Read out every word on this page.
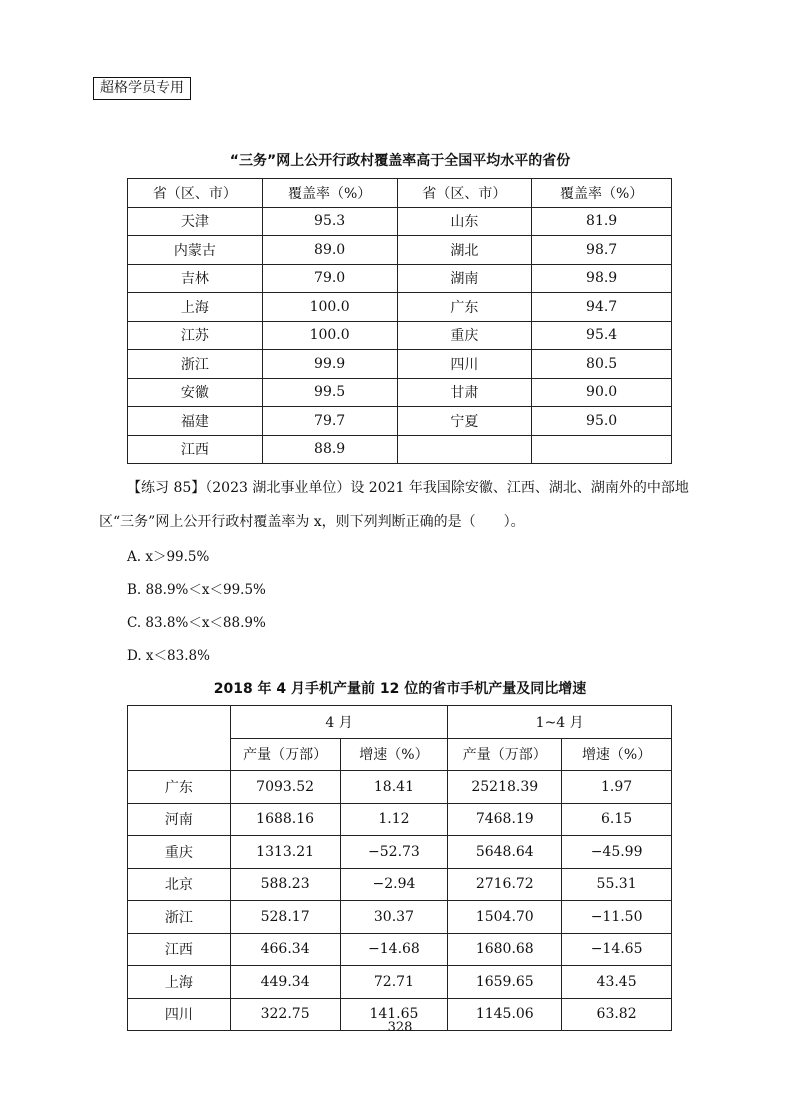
超格学员专用
“三务”网上公开行政村覆盖率高于全国平均水平的省份
省（区、市）	覆盖率（%）	省（区、市）	覆盖率（%）
天津	95.3	山东	81.9
内蒙古	89.0	湖北	98.7
吉林	79.0	湖南	98.9
上海	100.0	广东	94.7
江苏	100.0	重庆	95.4
浙江	99.9	四川	80.5
安徽	99.5	甘肃	90.0
福建	79.7	宁夏	95.0
江西	88.9		
【练习 85】（2023 湖北事业单位）设 2021 年我国除安徽、江西、湖北、湖南外的中部地
区“三务”网上公开行政村覆盖率为 x，则下列判断正确的是（　　）。
A. x＞99.5%
B. 88.9%＜x＜99.5%
C. 83.8%＜x＜88.9%
D. x＜83.8%
2018 年 4 月手机产量前 12 位的省市手机产量及同比增速
	4 月		1~4 月	
	产量（万部）	增速（%）	产量（万部）	增速（%）
广东	7093.52	18.41	25218.39	1.97
河南	1688.16	1.12	7468.19	6.15
重庆	1313.21	−52.73	5648.64	−45.99
北京	588.23	−2.94	2716.72	55.31
浙江	528.17	30.37	1504.70	−11.50
江西	466.34	−14.68	1680.68	−14.65
上海	449.34	72.71	1659.65	43.45
四川	322.75	141.65	1145.06	63.82
328
